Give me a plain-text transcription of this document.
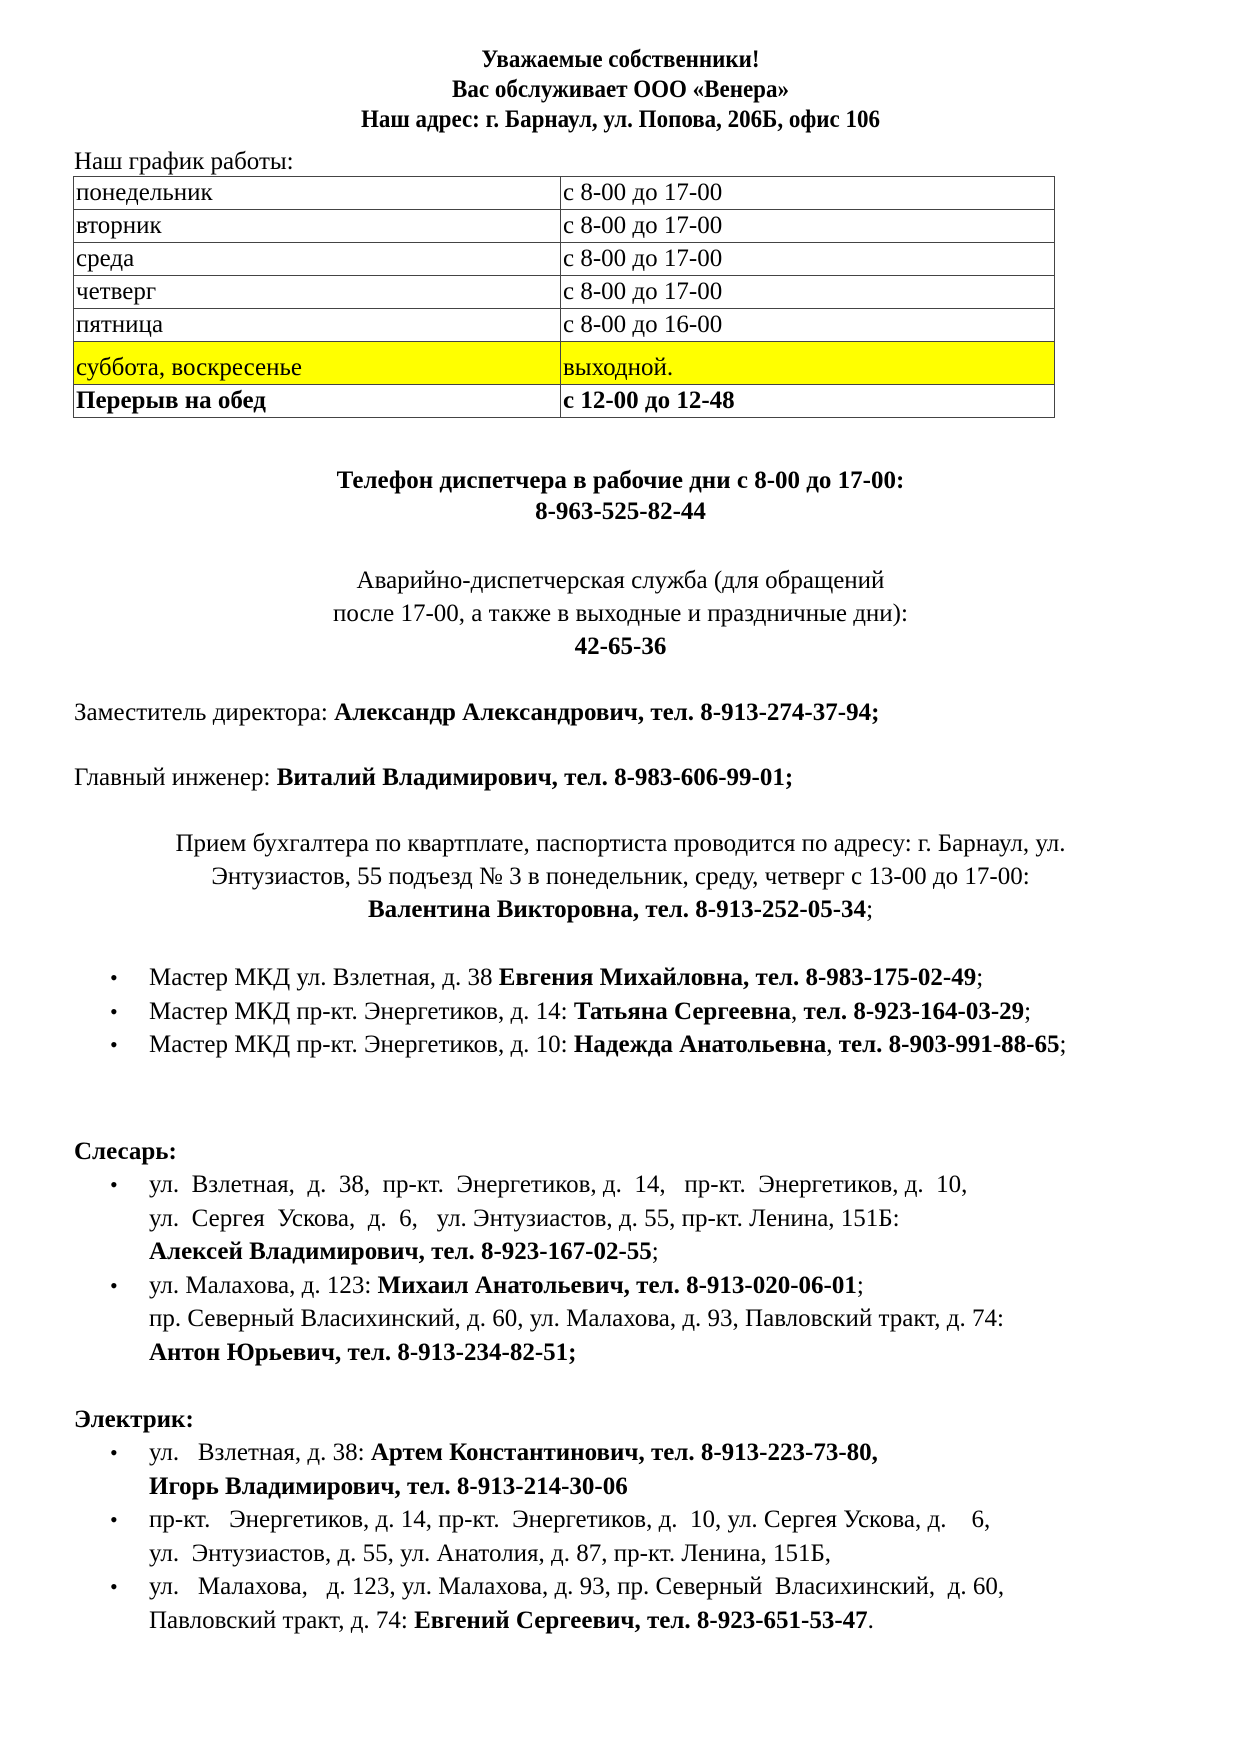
Уважаемые собственники!
Вас обслуживает ООО «Венера»
Наш адрес: г. Барнаул, ул. Попова, 206Б, офис 106
Наш график работы:
понедельник	с 8-00 до 17-00
вторник	с 8-00 до 17-00
среда	с 8-00 до 17-00
четверг	с 8-00 до 17-00
пятница	с 8-00 до 16-00
суббота, воскресенье	выходной.
Перерыв на обед	с 12-00 до 12-48
Телефон диспетчера в рабочие дни с 8-00 до 17-00:
8-963-525-82-44
Аварийно-диспетчерская служба (для обращений
после 17-00, а также в выходные и праздничные дни):
42-65-36
Заместитель директора: Александр Александрович, тел. 8-913-274-37-94;
Главный инженер: Виталий Владимирович, тел. 8-983-606-99-01;
Прием бухгалтера по квартплате, паспортиста проводится по адресу: г. Барнаул, ул.
Энтузиастов, 55 подъезд № 3 в понедельник, среду, четверг с 13-00 до 17-00:
Валентина Викторовна, тел. 8-913-252-05-34;
• Мастер МКД ул. Взлетная, д. 38 Евгения Михайловна, тел. 8-983-175-02-49;
• Мастер МКД пр-кт. Энергетиков, д. 14: Татьяна Сергеевна, тел. 8-923-164-03-29;
• Мастер МКД пр-кт. Энергетиков, д. 10: Надежда Анатольевна, тел. 8-903-991-88-65;
Слесарь:
• ул.  Взлетная,  д.  38,  пр-кт.  Энергетиков, д.  14,   пр-кт.  Энергетиков, д.  10,
ул.  Сергея  Ускова,  д.  6,   ул. Энтузиастов, д. 55, пр-кт. Ленина, 151Б:
Алексей Владимирович, тел. 8-923-167-02-55;
• ул. Малахова, д. 123: Михаил Анатольевич, тел. 8-913-020-06-01;
пр. Северный Власихинский, д. 60, ул. Малахова, д. 93, Павловский тракт, д. 74:
Антон Юрьевич, тел. 8-913-234-82-51;
Электрик:
• ул.   Взлетная, д. 38: Артем Константинович, тел. 8-913-223-73-80,
Игорь Владимирович, тел. 8-913-214-30-06
• пр-кт.   Энергетиков, д. 14, пр-кт.  Энергетиков, д.  10, ул. Сергея Ускова, д.    6,
ул.  Энтузиастов, д. 55, ул. Анатолия, д. 87, пр-кт. Ленина, 151Б,
• ул.   Малахова,   д. 123, ул. Малахова, д. 93, пр. Северный  Власихинский,  д. 60,
Павловский тракт, д. 74: Евгений Сергеевич, тел. 8-923-651-53-47.
